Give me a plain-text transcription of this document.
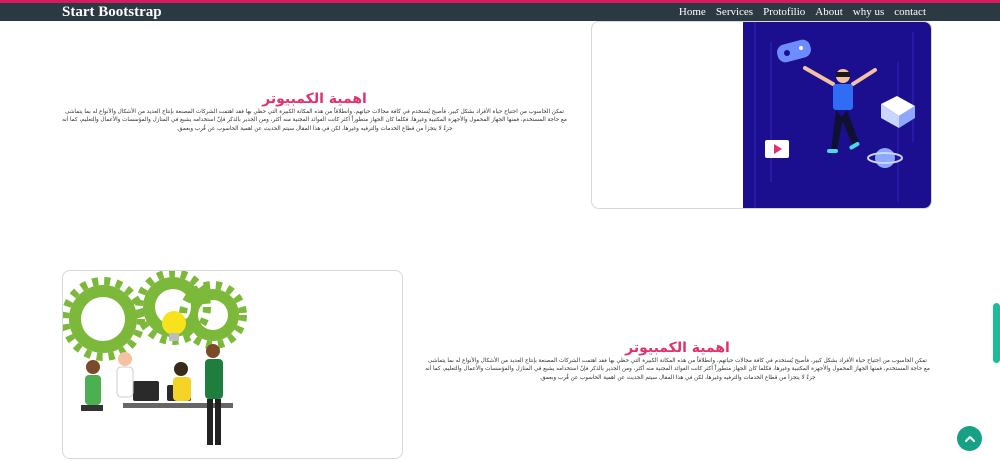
Start Bootstrap	Home Services Protofilio About why us contact
اهمية الكمبيوتر

تمكن الحاسوب من اجتياح حياة الأفراد بشكل كبير، فأصبح يُستخدم في كافة مجالات حياتهم، وانطلاقاً من هذه المكانة الكبيرة التي حظي بها فقد اهتمت الشركات المصنعة بإنتاج العديد من الأشكال والأنواع له بما يتماشى مع حاجة المستخدم، فمنها الجهاز المحمول والأجهزة المكتبية وغيرها، فكلما كان الجهاز متطوراً أكثر كانت الفوائد المجنية منه أكثر، ومن الجدير بالذكر فإنّ استخدامه يشيع في المنازل والمؤسسات والأعمال والتعليم، كما أنه جزءٌ لا يتجزأ من قطاع الخدمات والترفيه وغيرها، لكن في هذا المقال سيتم الحديث عن اهمية الحاسوب عن قُرب وبعمق.

اهمية الكمبيوتر

تمكن الحاسوب من اجتياح حياة الأفراد بشكل كبير، فأصبح يُستخدم في كافة مجالات حياتهم، وانطلاقاً من هذه المكانة الكبيرة التي حظي بها فقد اهتمت الشركات المصنعة بإنتاج العديد من الأشكال والأنواع له بما يتماشى مع حاجة المستخدم، فمنها الجهاز المحمول والأجهزة المكتبية وغيرها، فكلما كان الجهاز متطوراً أكثر كانت الفوائد المجنية منه أكثر، ومن الجدير بالذكر فإنّ استخدامه يشيع في المنازل والمؤسسات والأعمال والتعليم، كما أنه جزءٌ لا يتجزأ من قطاع الخدمات والترفيه وغيرها، لكن في هذا المقال سيتم الحديث عن اهمية الحاسوب عن قُرب وبعمق.
